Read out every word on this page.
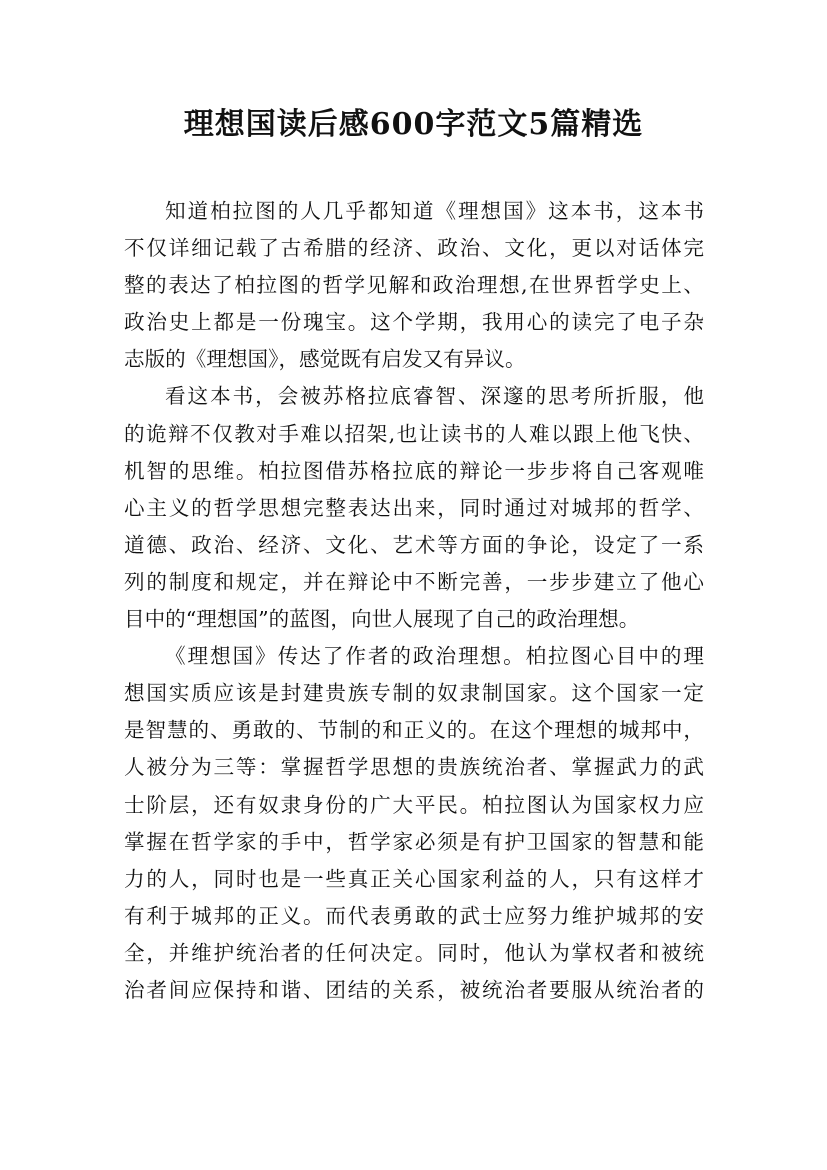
理想国读后感600字范文5篇精选
知道柏拉图的人几乎都知道《理想国》这本书，这本书
不仅详细记载了古希腊的经济、政治、文化，更以对话体完
整的表达了柏拉图的哲学见解和政治理想,在世界哲学史上、
政治史上都是一份瑰宝。这个学期，我用心的读完了电子杂
志版的《理想国》，感觉既有启发又有异议。
看这本书，会被苏格拉底睿智、深邃的思考所折服，他
的诡辩不仅教对手难以招架,也让读书的人难以跟上他飞快、
机智的思维。柏拉图借苏格拉底的辩论一步步将自己客观唯
心主义的哲学思想完整表达出来，同时通过对城邦的哲学、
道德、政治、经济、文化、艺术等方面的争论，设定了一系
列的制度和规定，并在辩论中不断完善，一步步建立了他心
目中的“理想国”的蓝图，向世人展现了自己的政治理想。
《理想国》传达了作者的政治理想。柏拉图心目中的理
想国实质应该是封建贵族专制的奴隶制国家。这个国家一定
是智慧的、勇敢的、节制的和正义的。在这个理想的城邦中，
人被分为三等：掌握哲学思想的贵族统治者、掌握武力的武
士阶层，还有奴隶身份的广大平民。柏拉图认为国家权力应
掌握在哲学家的手中，哲学家必须是有护卫国家的智慧和能
力的人，同时也是一些真正关心国家利益的人，只有这样才
有利于城邦的正义。而代表勇敢的武士应努力维护城邦的安
全，并维护统治者的任何决定。同时，他认为掌权者和被统
治者间应保持和谐、团结的关系，被统治者要服从统治者的
